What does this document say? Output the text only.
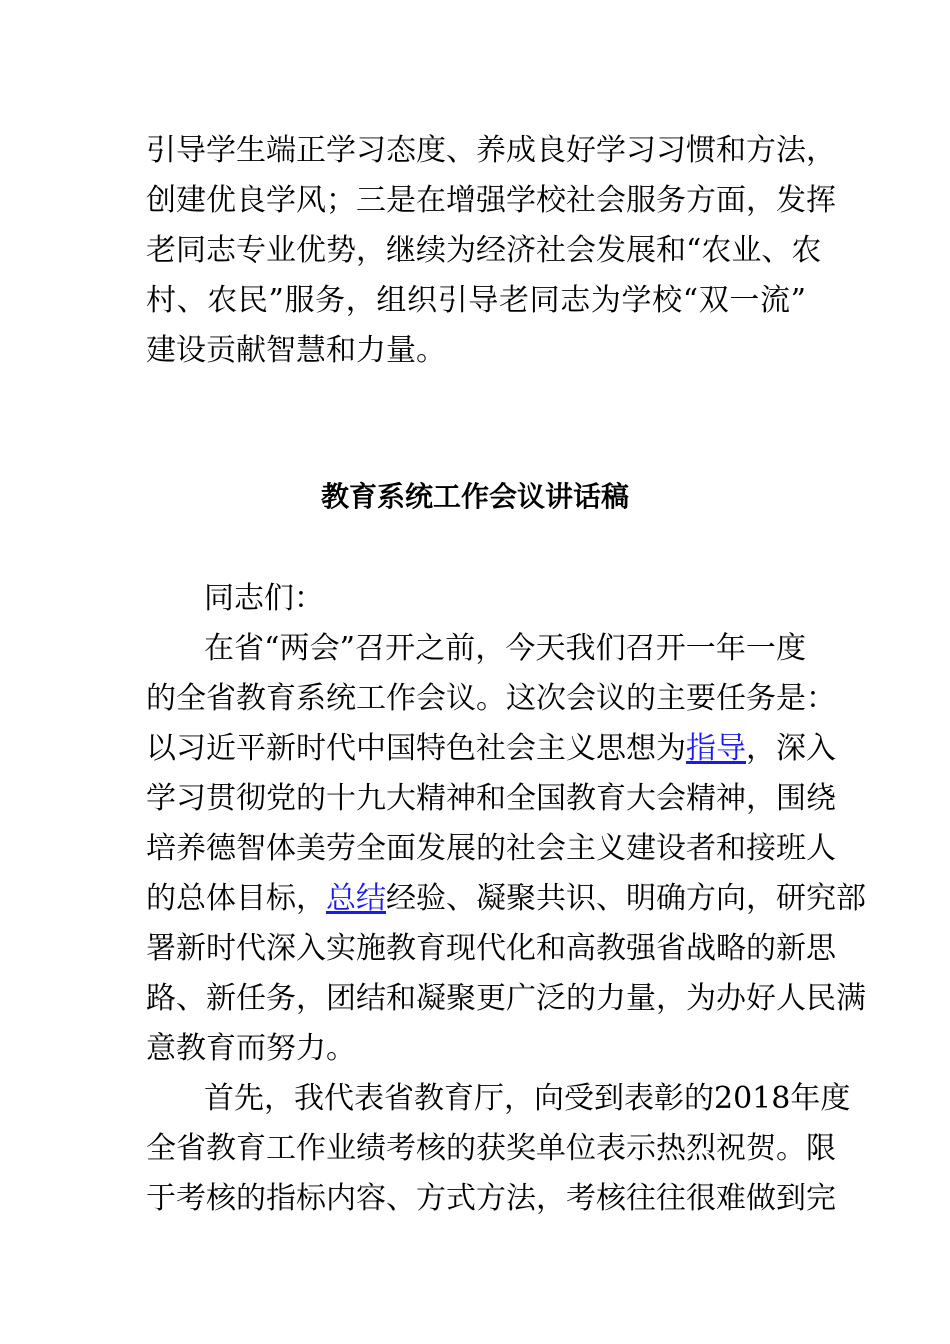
引导学生端正学习态度、养成良好学习习惯和方法，
创建优良学风；三是在增强学校社会服务方面，发挥
老同志专业优势，继续为经济社会发展和“农业、农
村、农民”服务，组织引导老同志为学校“双一流”
建设贡献智慧和力量。
教育系统工作会议讲话稿
同志们：
在省“两会”召开之前，今天我们召开一年一度
的全省教育系统工作会议。这次会议的主要任务是：
以习近平新时代中国特色社会主义思想为指导，深入
学习贯彻党的十九大精神和全国教育大会精神，围绕
培养德智体美劳全面发展的社会主义建设者和接班人
的总体目标，总结经验、凝聚共识、明确方向，研究部
署新时代深入实施教育现代化和高教强省战略的新思
路、新任务，团结和凝聚更广泛的力量，为办好人民满
意教育而努力。
首先，我代表省教育厅，向受到表彰的2018年度
全省教育工作业绩考核的获奖单位表示热烈祝贺。限
于考核的指标内容、方式方法，考核往往很难做到完
